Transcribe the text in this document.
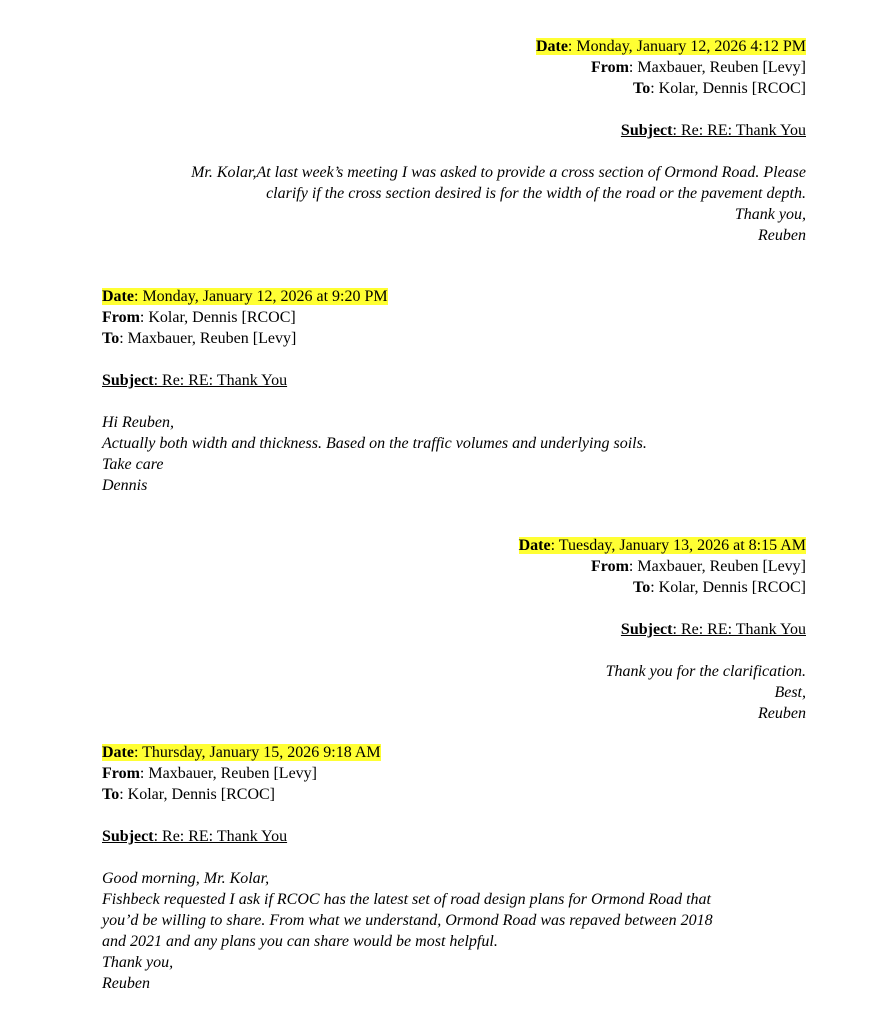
Date: Monday, January 12, 2026 4:12 PM
From: Maxbauer, Reuben [Levy]
To: Kolar, Dennis [RCOC]
Subject: Re: RE: Thank You
Mr. Kolar,At last week’s meeting I was asked to provide a cross section of Ormond Road. Please
clarify if the cross section desired is for the width of the road or the pavement depth.
Thank you,
Reuben
Date: Monday, January 12, 2026 at 9:20 PM
From: Kolar, Dennis [RCOC]
To: Maxbauer, Reuben [Levy]
Subject: Re: RE: Thank You
Hi Reuben,
Actually both width and thickness. Based on the traffic volumes and underlying soils.
Take care
Dennis
Date: Tuesday, January 13, 2026 at 8:15 AM
From: Maxbauer, Reuben [Levy]
To: Kolar, Dennis [RCOC]
Subject: Re: RE: Thank You
Thank you for the clarification.
Best,
Reuben
Date: Thursday, January 15, 2026 9:18 AM
From: Maxbauer, Reuben [Levy]
To: Kolar, Dennis [RCOC]
Subject: Re: RE: Thank You
Good morning, Mr. Kolar,
Fishbeck requested I ask if RCOC has the latest set of road design plans for Ormond Road that
you’d be willing to share. From what we understand, Ormond Road was repaved between 2018
and 2021 and any plans you can share would be most helpful.
Thank you,
Reuben
